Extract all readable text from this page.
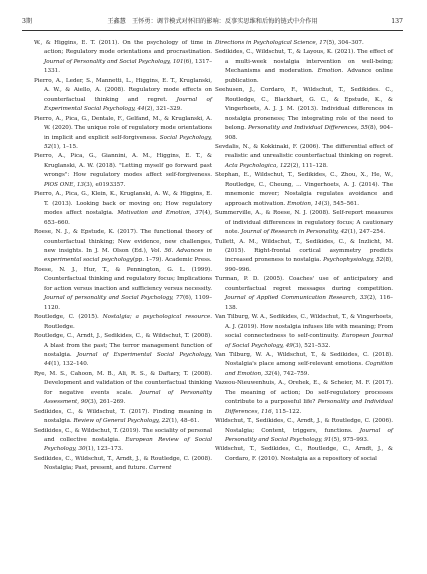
3期	王鑫慧　王怀勇：调节模式对怀旧的影响：反事实思维和后悔的链式中介作用	137

W., & Higgins, E. T. (2011). On the psychology of time in action; Regulatory mode orientations and procrastination. Journal of Personality and Social Psychology, 101(6), 1317–1331.

Pierro, A., Leder, S., Mannetti, L., Higgins, E. T., Kruglanski, A. W., & Aiello, A. (2008). Regulatory mode effects on counterfactual thinking and regret. Journal of Experimental Social Psychology, 44(2), 321–329.

Pierro, A., Pica, G., Dentale, F., Gelfand, M., & Kruglanski, A. W. (2020). The unique role of regulatory mode orientations in implicit and explicit self-forgiveness. Social Psychology, 52(1), 1–15.

Pierro, A., Pica, G., Giannini, A. M., Higgins, E. T., & Kruglanski, A. W. (2018). "Letting myself go forward past wrongs": How regulatory modes affect self-forgiveness. PlOS ONE, 13(3), e0193357.

Pierro, A., Pica, G., Klein, K., Kruglanski, A. W., & Higgins, E. T. (2013). Looking back or moving on; How regulatory modes affect nostalgia. Motivation and Emotion, 37(4), 653–660.

Roese, N. J., & Epstude, K. (2017). The functional theory of counterfactual thinking; New evidence, new challenges, new insights. In J. M. Olson (Ed.), Vol. 56. Advances in experimental social psychology(pp. 1–79). Academic Press.

Roese, N. J., Hur, T., & Pennington, G. L. (1999). Counterfactual thinking and regulatory focus; Implications for action versus inaction and sufficiency versus necessity. Journal of personality and Social Psychology, 77(6), 1109–1120.

Routledge, C. (2015). Nostalgia; a psychological resource. Routledge.

Routledge, C., Arndt, J., Sedikides, C., & Wildschut, T. (2008). A blast from the past; The terror management function of nostalgia. Journal of Experimental Social Psychology, 44(1), 132–140.

Rye, M. S., Cahoon, M. B., Ali, R. S., & Daftary, T. (2008). Development and validation of the counterfactual thinking for negative events scale. Journal of Personality Assessment, 90(3), 261–269.

Sedikides, C., & Wildschut, T. (2017). Finding meaning in nostalgia. Review of General Psychology, 22(1), 48–61.

Sedikides, C., & Wildschut, T. (2019). The sociality of personal and collective nostalgia. European Review of Social Psychology, 30(1), 123–173.

Sedikides, C., Wildschut, T., Arndt, J., & Routledge, C. (2008). Nostalgia; Past, present, and future. Current

Directions in Psychological Science, 17(5), 304–307.

Sedikides, C., Wildschut, T., & Layous, K. (2021). The effect of a multi-week nostalgia intervention on well-being; Mechanisms and moderation. Emotion. Advance online publication.

Seehusen, J., Cordaro, F., Wildschut, T., Sedikides. C., Routledge, C., Blackhart, G. C., & Epstude, K., & Vingerhoets, A. J. J. M. (2013). Individual differences in nostalgia proneness; The integrating role of the need to belong. Personality and Individual Differences, 55(8), 904–908.

Sevdalis, N., & Kokkinaki, F. (2006). The differential effect of realistic and unrealistic counterfactual thinking on regret. Acta Psychologica, 122(2), 111–128.

Stephan, E., Wildschut, T., Sedikides, C., Zhou, X., He, W., Routledge, C., Cheung, ... Vingerhoets, A. J. (2014). The mnemonic mover; Nostalgia regulates avoidance and approach motivation. Emotion, 14(3), 545–561.

Summerville, A., & Roese, N. J. (2008). Self-report measures of individual differences in regulatory focus; A cautionary note. Journal of Research in Personality, 42(1), 247–254.

Tullett, A. M., Wildschut, T., Sedikides, C., & Inzlicht, M. (2015). Right-frontal cortical asymmetry predicts increased proneness to nostalgia. Psychophysiology, 52(8), 990–996.

Turman, P. D. (2005). Coaches' use of anticipatory and counterfactual regret messages during competition. Journal of Applied Communication Research, 33(2), 116–138.

Van Tilburg, W. A., Sedikides, C., Wildschut, T., & Vingerhoets, A. J. (2019). How nostalgia infuses life with meaning; From social connectedness to self-continuity. European Journal of Social Psychology, 49(3), 521–532.

Van Tilburg, W. A., Wildschut, T., & Sedikides, C. (2018). Nostalgia's place among self-relevant emotions. Cognition and Emotion, 32(4), 742–759.

Vazeou-Nieuwenhuis, A., Orehek, E., & Scheier, M. F. (2017). The meaning of action; Do self-regulatory processes contribute to a purposeful life? Personality and Individual Differences, 116, 115–122.

Wildschut, T., Sedikides, C., Arndt, J., & Routledge, C. (2006). Nostalgia; Content, triggers, functions. Journal of Personality and Social Psychology, 91(5), 975–993.

Wildschut, T., Sedikides, C., Routledge, C., Arndt, J., & Cordaro, F. (2010). Nostalgia as a repository of social
